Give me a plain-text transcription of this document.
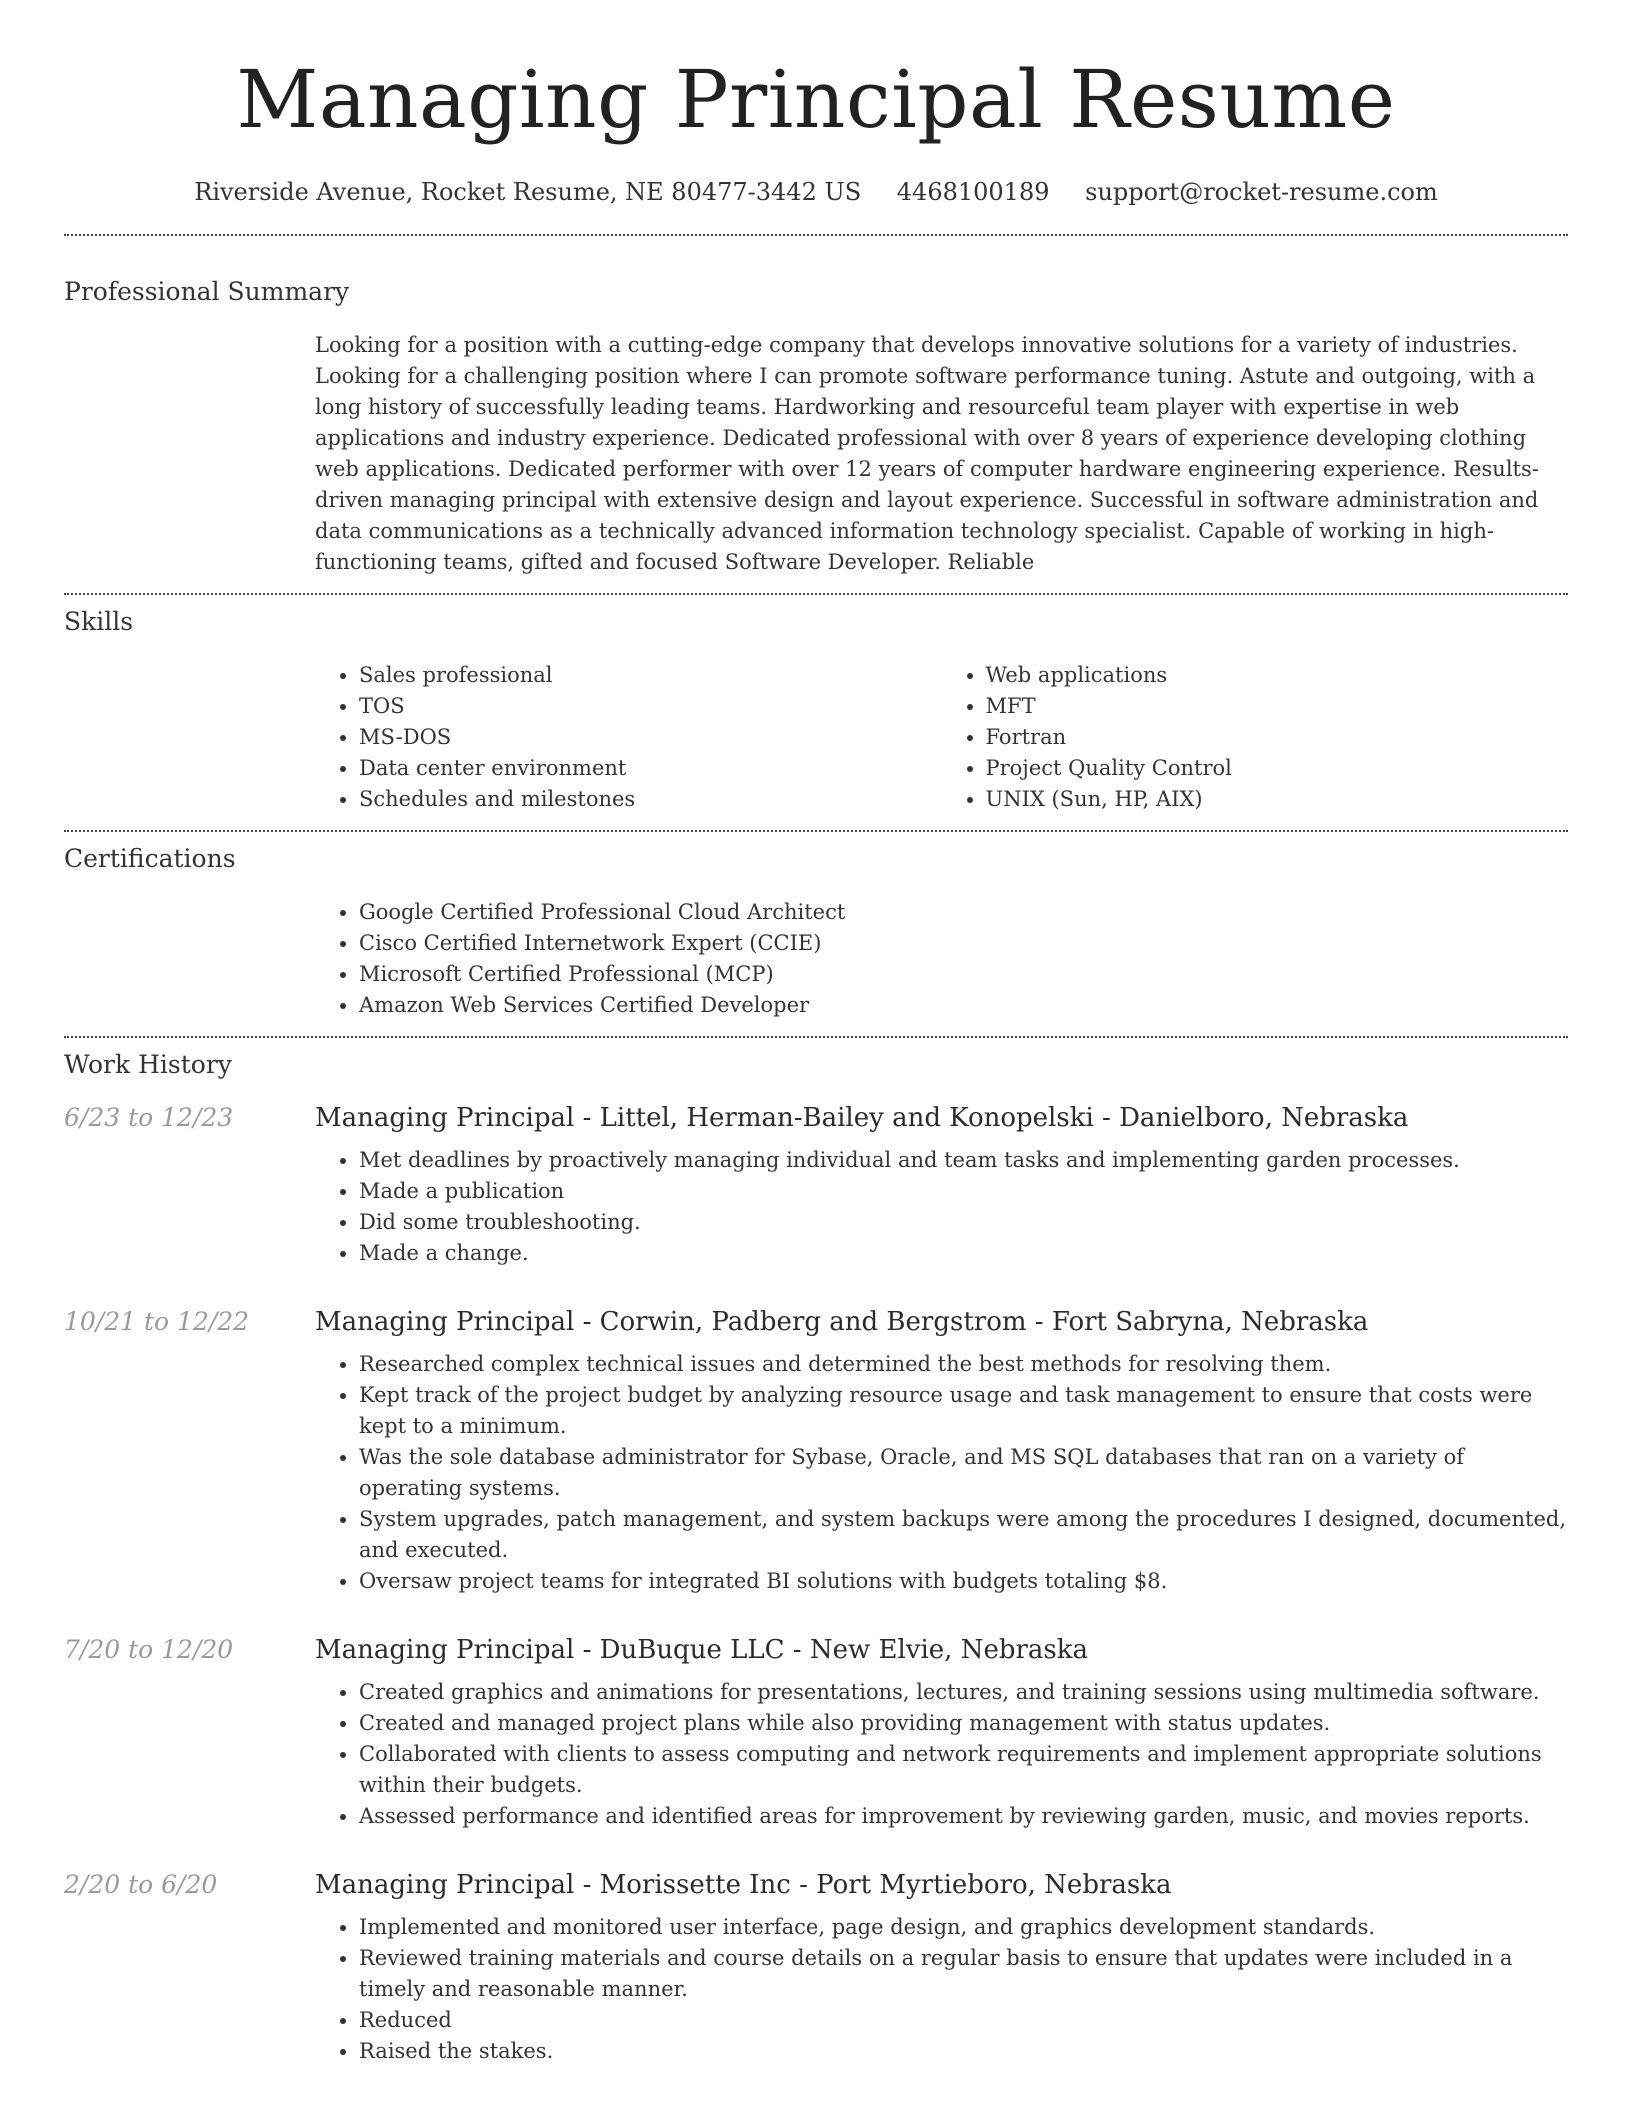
Managing Principal Resume
Riverside Avenue, Rocket Resume, NE 80477-3442 US 4468100189 support@rocket-resume.com
Professional Summary

Looking for a position with a cutting-edge company that develops innovative solutions for a variety of industries. Looking for a challenging position where I can promote software performance tuning. Astute and outgoing, with a long history of successfully leading teams. Hardworking and resourceful team player with expertise in web applications and industry experience. Dedicated professional with over 8 years of experience developing clothing web applications. Dedicated performer with over 12 years of computer hardware engineering experience. Results-driven managing principal with extensive design and layout experience. Successful in software administration and data communications as a technically advanced information technology specialist. Capable of working in high-functioning teams, gifted and focused Software Developer. Reliable

Skills
• Sales professional
• TOS
• MS-DOS
• Data center environment
• Schedules and milestones
• Web applications
• MFT
• Fortran
• Project Quality Control
• UNIX (Sun, HP, AIX)
Certifications
• Google Certified Professional Cloud Architect
• Cisco Certified Internetwork Expert (CCIE)
• Microsoft Certified Professional (MCP)
• Amazon Web Services Certified Developer
Work History
6/23 to 12/23	Managing Principal - Littel, Herman-Bailey and Konopelski - Danielboro, Nebraska
• Met deadlines by proactively managing individual and team tasks and implementing garden processes.
• Made a publication
• Did some troubleshooting.
• Made a change.
10/21 to 12/22	Managing Principal - Corwin, Padberg and Bergstrom - Fort Sabryna, Nebraska
• Researched complex technical issues and determined the best methods for resolving them.
• Kept track of the project budget by analyzing resource usage and task management to ensure that costs were kept to a minimum.
• Was the sole database administrator for Sybase, Oracle, and MS SQL databases that ran on a variety of operating systems.
• System upgrades, patch management, and system backups were among the procedures I designed, documented, and executed.
• Oversaw project teams for integrated BI solutions with budgets totaling $8.
7/20 to 12/20	Managing Principal - DuBuque LLC - New Elvie, Nebraska
• Created graphics and animations for presentations, lectures, and training sessions using multimedia software.
• Created and managed project plans while also providing management with status updates.
• Collaborated with clients to assess computing and network requirements and implement appropriate solutions within their budgets.
• Assessed performance and identified areas for improvement by reviewing garden, music, and movies reports.
2/20 to 6/20	Managing Principal - Morissette Inc - Port Myrtieboro, Nebraska
• Implemented and monitored user interface, page design, and graphics development standards.
• Reviewed training materials and course details on a regular basis to ensure that updates were included in a timely and reasonable manner.
• Reduced
• Raised the stakes.
